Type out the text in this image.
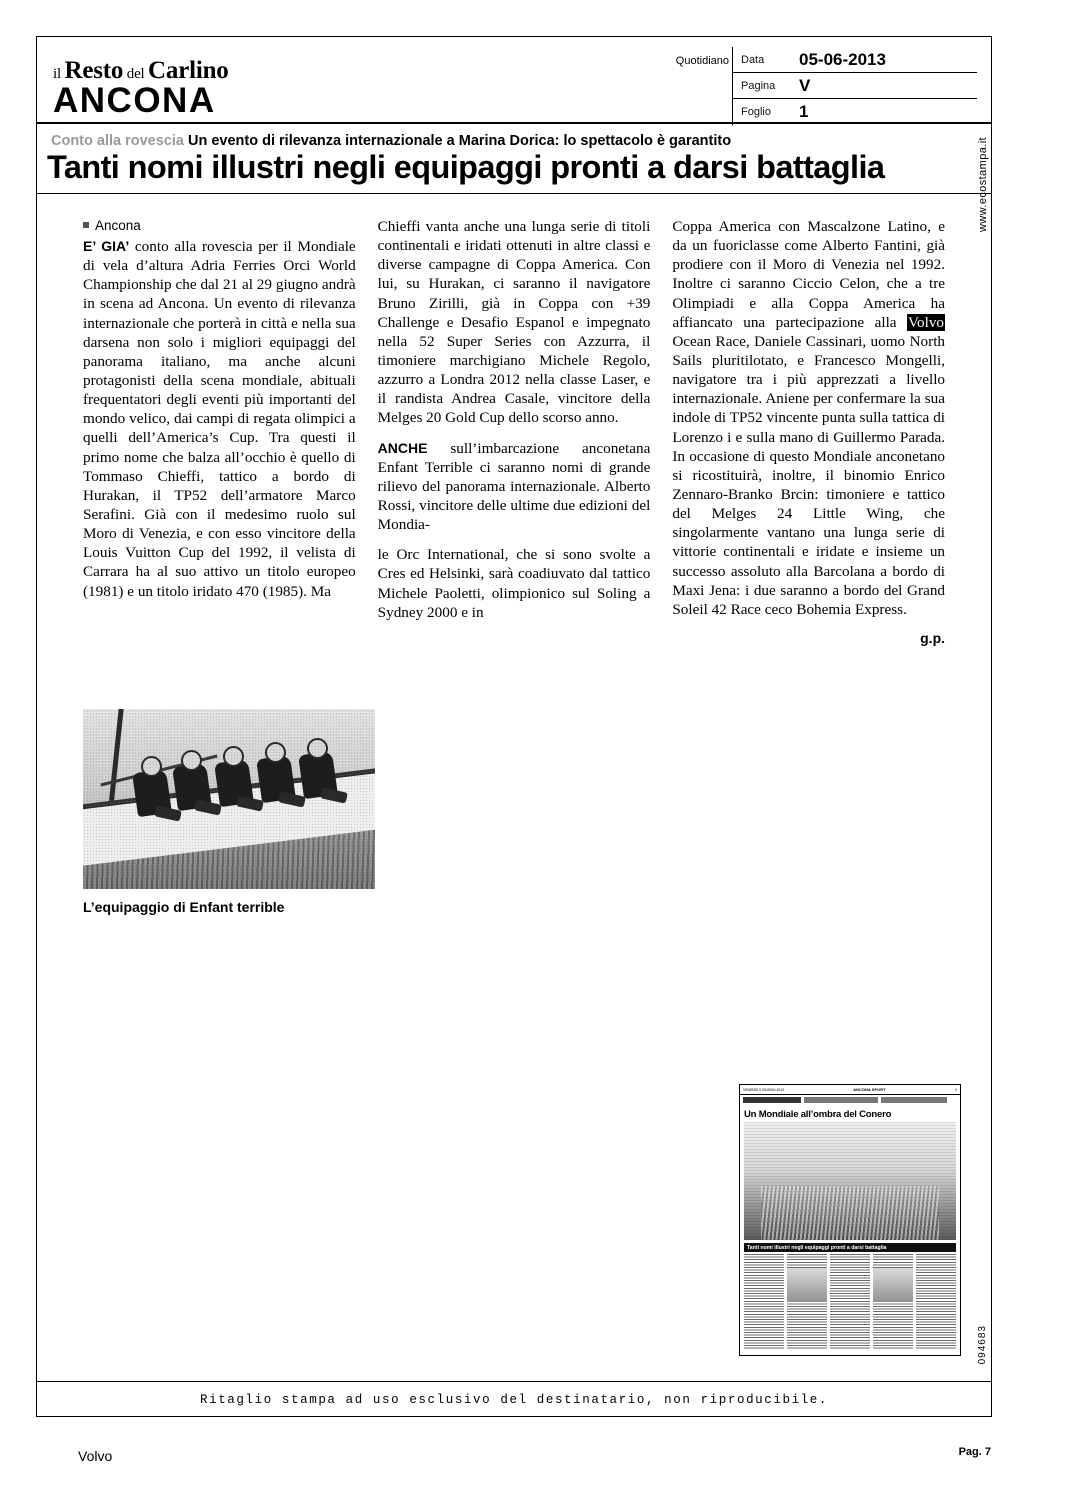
il Resto del Carlino
ANCONA
Quotidiano	Data	05-06-2013
Pagina	V
Foglio	1
Conto alla rovescia Un evento di rilevanza internazionale a Marina Dorica: lo spettacolo è garantito
Tanti nomi illustri negli equipaggi pronti a darsi battaglia	www.ecostampa.it
094683
Ancona

E’ GIA’ conto alla rovescia per il Mondiale di vela d’altura Adria Ferries Orci World Championship che dal 21 al 29 giugno andrà in scena ad Ancona. Un evento di rilevanza internazionale che porterà in città e nella sua darsena non solo i migliori equipaggi del panorama italiano, ma anche alcuni protagonisti della scena mondiale, abituali frequentatori degli eventi più importanti del mondo velico, dai campi di regata olimpici a quelli dell’America’s Cup. Tra questi il primo nome che balza all’occhio è quello di Tommaso Chieffi, tattico a bordo di Hurakan, il TP52 dell’armatore Marco Serafini. Già con il medesimo ruolo sul Moro di Venezia, e con esso vincitore della Louis Vuitton Cup del 1992, il velista di Carrara ha al suo attivo un titolo europeo (1981) e un titolo iridato 470 (1985). Ma

Chieffi vanta anche una lunga serie di titoli continentali e iridati ottenuti in altre classi e diverse campagne di Coppa America. Con lui, su Hurakan, ci saranno il navigatore Bruno Zirilli, già in Coppa con +39 Challenge e Desafio Espanol e impegnato nella 52 Super Series con Azzurra, il timoniere marchigiano Michele Regolo, azzurro a Londra 2012 nella classe Laser, e il randista Andrea Casale, vincitore della Melges 20 Gold Cup dello scorso anno.

ANCHE sull’imbarcazione anconetana Enfant Terrible ci saranno nomi di grande rilievo del panorama internazionale. Alberto Rossi, vincitore delle ultime due edizioni del Mondia-

le Orc International, che si sono svolte a Cres ed Helsinki, sarà coadiuvato dal tattico Michele Paoletti, olimpionico sul Soling a Sydney 2000 e in

Coppa America con Mascalzone Latino, e da un fuoriclasse come Alberto Fantini, già prodiere con il Moro di Venezia nel 1992. Inoltre ci saranno Ciccio Celon, che a tre Olimpiadi e alla Coppa America ha affiancato una partecipazione alla Volvo Ocean Race, Daniele Cassinari, uomo North Sails pluritilotato, e Francesco Mongelli, navigatore tra i più apprezzati a livello internazionale. Aniene per confermare la sua indole di TP52 vincente punta sulla tattica di Lorenzo i e sulla mano di Guillermo Parada. In occasione di questo Mondiale anconetano si ricostituirà, inoltre, il binomio Enrico Zennaro-Branko Brcin: timoniere e tattico del Melges 24 Little Wing, che singolarmente vantano una lunga serie di vittorie continentali e iridate e insieme un successo assoluto alla Barcolana a bordo di Maxi Jena: i due saranno a bordo del Grand Soleil 42 Race ceco Bohemia Express.

g.p.
L’equipaggio di Enfant terrible
VENERDÌ 5 GIUGNO 2013	ANCONA SPORT	V
Un Mondiale all’ombra del Conero
Tanti nomi illustri negli equipaggi pronti a darsi battaglia
Ritaglio stampa ad uso esclusivo del destinatario, non riproducibile.
Volvo	Pag. 7
